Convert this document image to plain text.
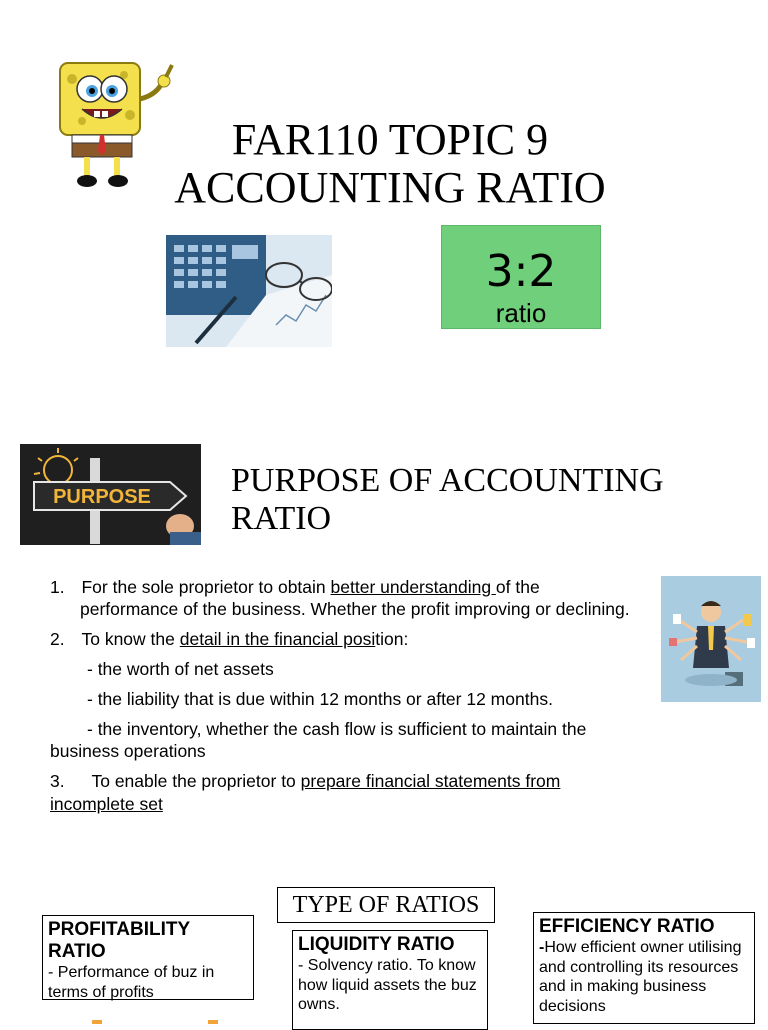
FAR110 TOPIC 9
ACCOUNTING RATIO
3:2
ratio
PURPOSE PURPOSE OF ACCOUNTING RATIO
1. For the sole proprietor to obtain better understanding of the
performance of the business. Whether the profit improving or declining.
2. To know the detail in the financial position:
- the worth of net assets
- the liability that is due within 12 months or after 12 months.
- the inventory, whether the cash flow is sufficient to maintain the
business operations
3. To enable the proprietor to prepare financial statements from
incomplete set
TYPE OF RATIOS
PROFITABILITY RATIO
- Performance of buz in terms of profits
LIQUIDITY RATIO
- Solvency ratio. To know how liquid assets the buz owns.
EFFICIENCY RATIO
-How efficient owner utilising and controlling its resources and in making business decisions
